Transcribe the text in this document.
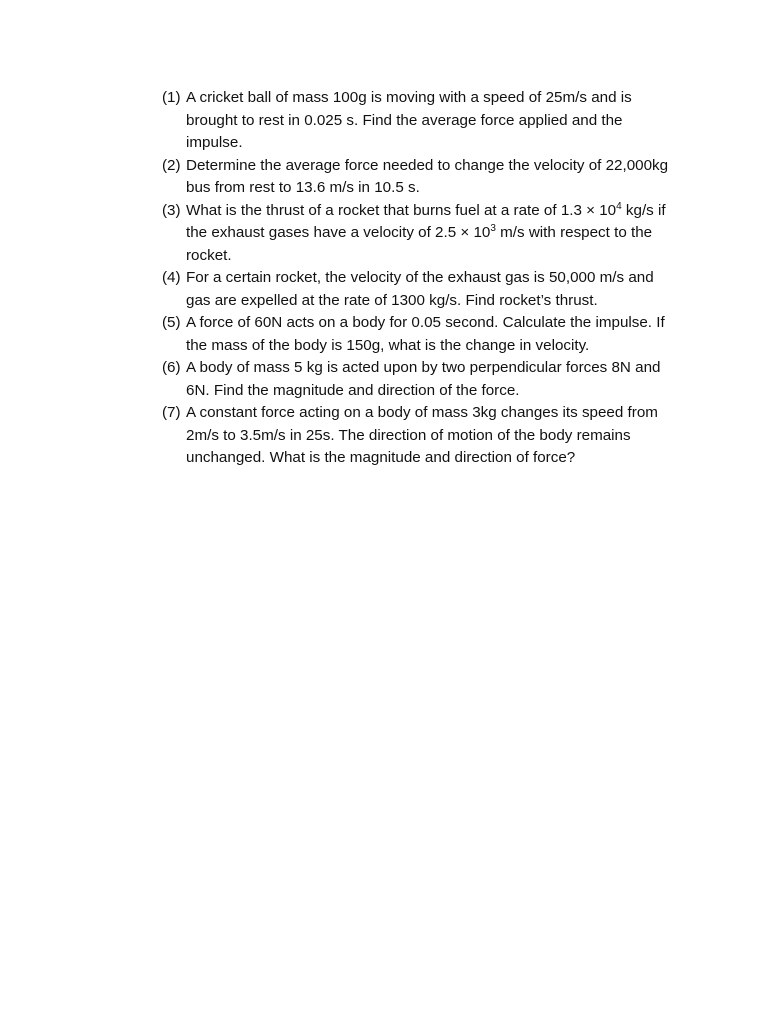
(1) A cricket ball of mass 100g is moving with a speed of 25m/s and is brought to rest in 0.025 s. Find the average force applied and the impulse.
(2) Determine the average force needed to change the velocity of 22,000kg bus from rest to 13.6 m/s in 10.5 s.
(3) What is the thrust of a rocket that burns fuel at a rate of $1.3 \times 10^4$ kg/s if the exhaust gases have a velocity of $2.5 \times 10^3$ m/s with respect to the rocket.
(4) For a certain rocket, the velocity of the exhaust gas is 50,000 m/s and gas are expelled at the rate of 1300 kg/s. Find rocket’s thrust.
(5) A force of 60N acts on a body for 0.05 second. Calculate the impulse. If the mass of the body is 150g, what is the change in velocity.
(6) A body of mass 5 kg is acted upon by two perpendicular forces 8N and 6N. Find the magnitude and direction of the force.
(7) A constant force acting on a body of mass 3kg changes its speed from 2m/s to 3.5m/s in 25s. The direction of motion of the body remains unchanged. What is the magnitude and direction of force?
